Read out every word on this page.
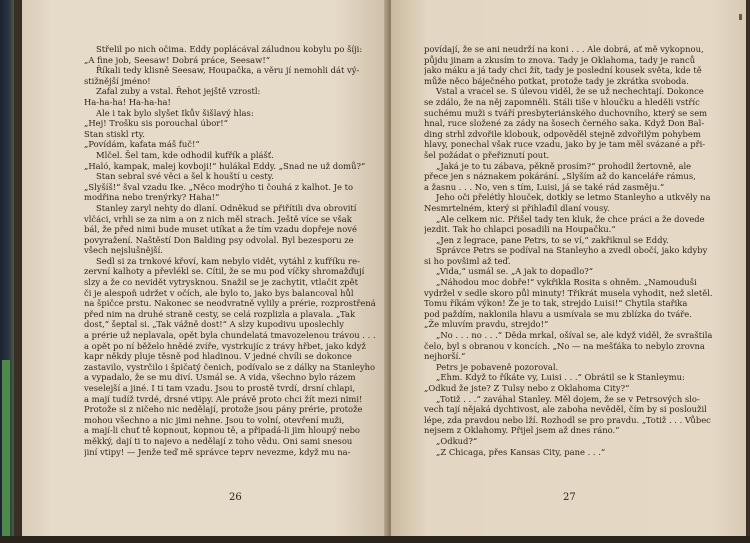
Střelil po nich očima. Eddy poplácával záludnou kobylu po šíji:
„A fine job, Seesaw! Dobrá práce, Seesaw!“
Říkali tedy klisně Seesaw, Houpačka, a věru jí nemohli dát vý-
stižnější jméno!
Zafal zuby a vstal. Řehot jejště vzrostl:
Ha-ha-ha! Ha-ha-ha!
Ale i tak bylo slyšet Ikův šišlavý hlas:
„Hej! Trošku sis porouchal úbor!“
Stan stiskl rty.
„Povídám, kafata máš fuč!“
Mlčel. Šel tam, kde odhodil kufřík a plášť.
„Haló, kampak, malej kovboji!“ hulákal Eddy. „Snad ne už domů?“
Stan sebral své věci a šel k houští u cesty.
„Slyšíš!“ šval vzadu Ike. „Něco modrýho ti čouhá z kalhot. Je to
modřina nebo trenýrky? Haha!“
Stanley zaryl nehty do dlaní. Odněkud se přiřítili dva obrovití
vlčáci, vrhli se za nim a on z nich měl strach. Ještě více se však
bál, že před nimi bude muset utíkat a že tím vzadu dopřeje nové
povyražení. Naštěstí Don Balding psy odvolal. Byl bezesporu ze
všech nejslušnější.
Sedl si za trnkové křoví, kam nebylo vidět, vytáhl z kufříku re-
zervní kalhoty a převlékl se. Cítil, že se mu pod víčky shromažďují
slzy a že co nevidět vytrysknou. Snažil se je zachytit, vtlačit zpět
či je alespoň udržet v očích, ale bylo to, jako bys balancoval hůl
na špičce prstu. Nakonec se neodvratně vylily a prérie, rozprostřená
před nim na druhé straně cesty, se celá rozplizla a plavala. „Tak
dost,“ šeptal si. „Tak vážně dost!“ A slzy kupodivu uposlechly
a prérie už neplavala, opět byla chundelatá tmavozelenou trávou . . .
a opět po ní běželo hnědé zvíře, vystrkujíc z trávy hřbet, jako když
kapr někdy pluje těsně pod hladinou. V jedné chvíli se dokonce
zastavilo, vystrčilo i špičatý čenich, podívalo se z dálky na Stanleyho
a vypadalo, že se mu diví. Usmál se. A vida, všechno bylo rázem
veselejší a jiné. I ti tam vzadu. Jsou to prostě tvrdí, drsní chlapi,
a mají tudíž tvrdé, drsné vtipy. Ale právě proto chci žít mezi nimi!
Protože si z ničeho nic nedělají, protože jsou pány prérie, protože
mohou všechno a nic jimi nehne. Jsou to volní, otevření muži,
a mají-li chuť tě kopnout, kopnou tě, a připadá-li jim hloupý nebo
měkký, dají ti to najevo a nedělají z toho vědu. Oni sami snesou
jiní vtipy! — Jenže teď mě správce teprv nevezme, když mu na-
26
povídají, že se ani neudrží na koni . . . Ale dobrá, ať mě vykopnou,
půjdu jinam a zkusím to znova. Tady je Oklahoma, tady je ranců
jako máku a já tady chci žít, tady je poslední kousek světa, kde tě
může něco báječného potkat, protože tady je zkrátka svoboda.
Vstal a vracel se. S úlevou viděl, že se už nechechtají. Dokonce
se zdálo, že na něj zapomněli. Stáli tiše v hloučku a hleděli vstříc
suchému muži s tváří presbyteriánského duchovního, který se sem
hnal, ruce složené za zády na šosech černého saka. Když Don Bal-
ding strhl zdvořile klobouk, odpověděl stejně zdvořilým pohybem
hlavy, ponechal však ruce vzadu, jako by je tam měl svázané a při-
šel požádat o přeřiznutí pout.
„Jaká je to tu zábava, pěkně prosím?“ prohodil žertovně, ale
přece jen s náznakem pokárání. „Slyším až do kanceláře rámus,
a žasnu . . . No, ven s tím, Luisi, já se také rád zasměju.“
Jeho oči přelétly hlouček, dotkly se letmo Stanleyho a utkvěly na
Nesmrtelném, který si přihlađil dlaní vousy.
„Ale celkem nic. Přišel tady ten kluk, že chce práci a že dovede
jezdit. Tak ho chlapci posadili na Houpačku.“
„Jen z legrace, pane Petrs, to se ví,“ zakřiknul se Eddy.
Správce Petrs se podíval na Stanleyho a zvedl obočí, jako kdyby
si ho povšiml až teď.
„Vida,“ usmál se. „A jak to dopadlo?“
„Náhodou moc dobře!“ vykřikla Rosita s ohněm. „Namouduši
vydržel v sedle skoro půl minuty! Třikrát musela vyhodit, než sletěl.
Tomu říkám výkon! Že je to tak, strejdo Luisi!“ Chytila stařika
pod paždím, naklonila hlavu a usmívala se mu zblízka do tváře.
„Že mluvím pravdu, strejdo!“
„No . . . no . . .“ Děda mrkal, ošíval se, ale když viděl, že svraštila
čelo, byl s obranou v koncích. „No — na mešťáka to nebylo zrovna
nejhorší.“
Petrs je pobaveně pozoroval.
„Ehm. Když to říkáte vy, Luisi . . .“ Obrátil se k Stanleymu:
„Odkud že jste? Z Tulsy nebo z Oklahoma City?“
„Totiž . . .“ zaváhal Stanley. Měl dojem, že se v Petrsových slo-
vech tají nějaká dychtivost, ale zaboha nevěděl, čím by si posloužil
lépe, zda pravdou nebo lží. Rozhodl se pro pravdu. „Totiž . . . Vůbec
nejsem z Oklahomy. Přijel jsem až dnes ráno.“
„Odkud?“
„Z Chicaga, přes Kansas City, pane . . .“
27
